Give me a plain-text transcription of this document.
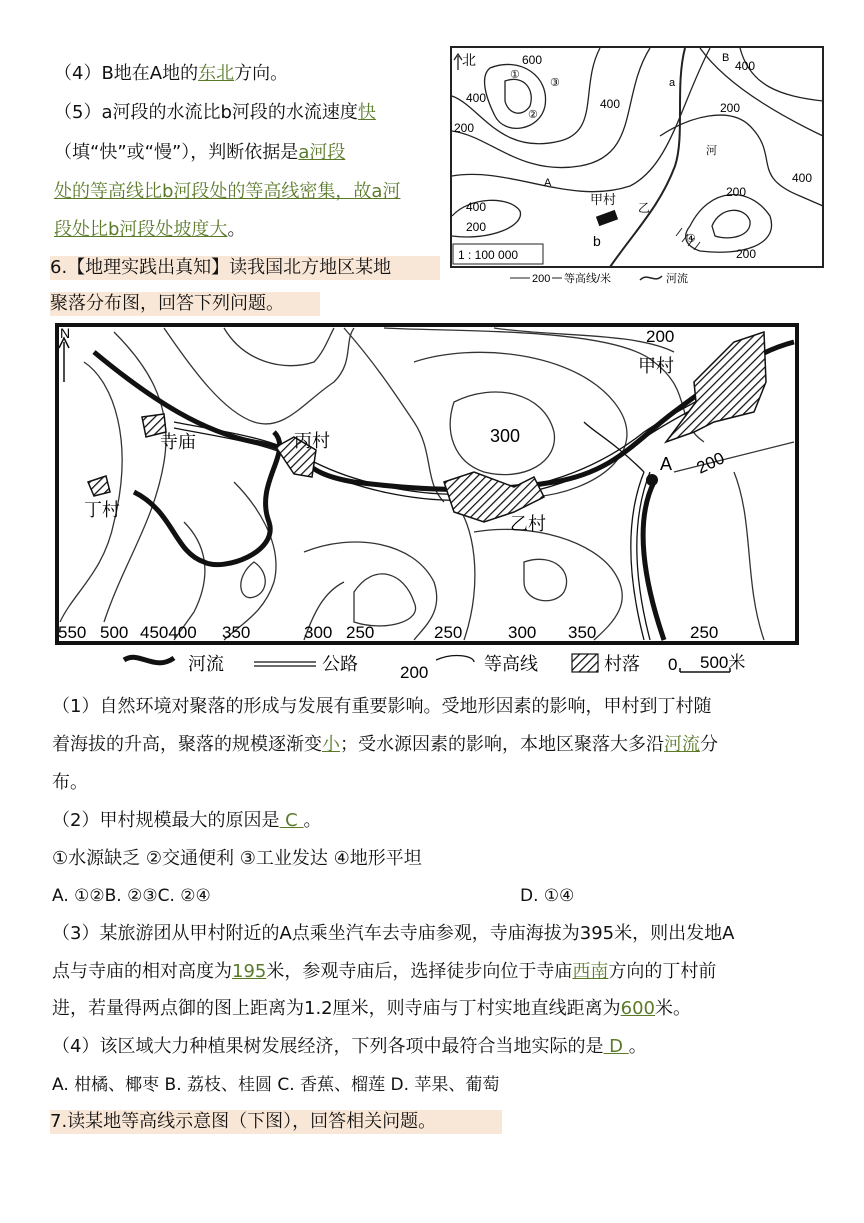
（4）B地在A地的东北方向。
（5）a河段的水流比b河段的水流速度快
（填“快”或“慢”），判断依据是a河段
处的等高线比b河段处的等高线密集，故a河
段处比b河段处坡度大。
6.【地理实践出真知】读我国北方地区某地
聚落分布图，回答下列问题。
北	600
400
200
400
200
400
200
400
200
400
200
B
A
a
b
河
甲村
乙
①
②
③
④
1 : 100 000
200 等高线/米	河流
N
甲村
乙村
丙村
丁村
寺庙
A
300
200
200
550 500 450400 350	300 250	250	300 350	250
河流	公路 200	等高线	村落 0 500米
（1）自然环境对聚落的形成与发展有重要影响。受地形因素的影响，甲村到丁村随
着海拔的升高，聚落的规模逐渐变小；受水源因素的影响，本地区聚落大多沿河流分
布。
（2）甲村规模最大的原因是 C 。
①水源缺乏 ②交通便利 ③工业发达 ④地形平坦
A. ①②B. ②③C. ②④	D. ①④
（3）某旅游团从甲村附近的A点乘坐汽车去寺庙参观，寺庙海拔为395米，则出发地A
点与寺庙的相对高度为195米，参观寺庙后，选择徒步向位于寺庙西南方向的丁村前
进，若量得两点御的图上距离为1.2厘米，则寺庙与丁村实地直线距离为600米。
（4）该区域大力种植果树发展经济，下列各项中最符合当地实际的是 D 。
A. 柑橘、椰枣 B. 荔枝、桂圆 C. 香蕉、榴莲 D. 苹果、葡萄
7.读某地等高线示意图（下图），回答相关问题。
